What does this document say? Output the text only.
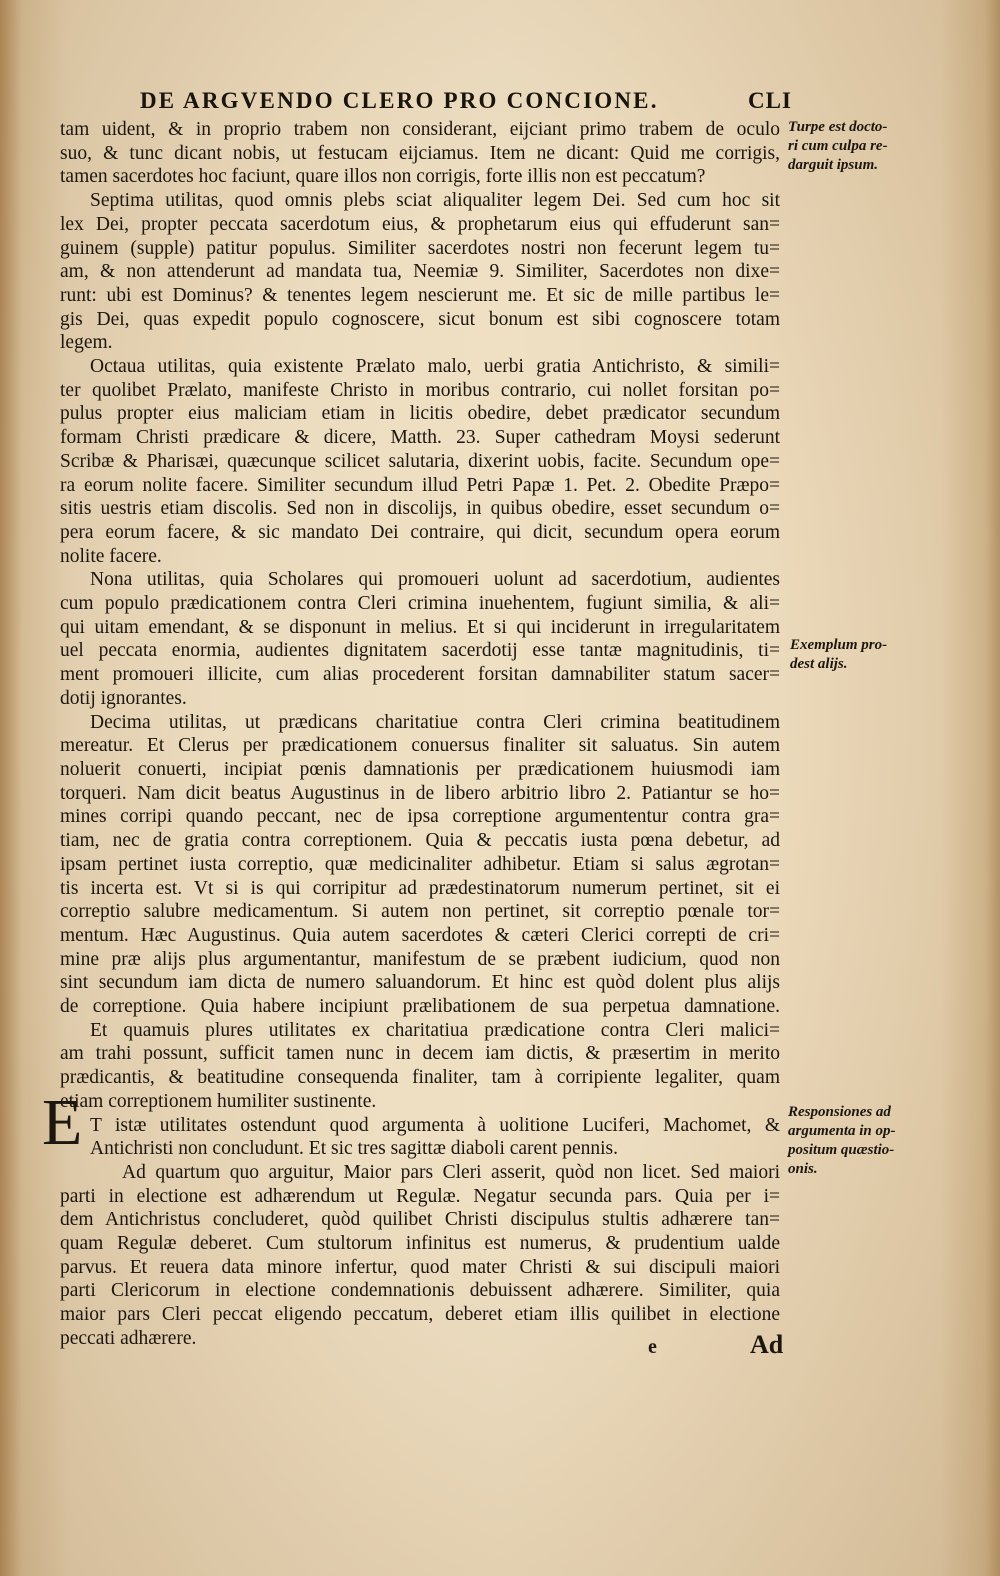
DE ARGVENDO CLERO PRO CONCIONE.	CLI
tam uident, & in proprio trabem non considerant, eijciant primo trabem de oculo
suo, & tunc dicant nobis, ut festucam eijciamus. Item ne dicant: Quid me corrigis,
tamen sacerdotes hoc faciunt, quare illos non corrigis, forte illis non est peccatum?
Septima utilitas, quod omnis plebs sciat aliqualiter legem Dei. Sed cum hoc sit
lex Dei, propter peccata sacerdotum eius, & prophetarum eius qui effuderunt san=
guinem (supple) patitur populus. Similiter sacerdotes nostri non fecerunt legem tu=
am, & non attenderunt ad mandata tua, Neemiæ 9. Similiter, Sacerdotes non dixe=
runt: ubi est Dominus? & tenentes legem nescierunt me. Et sic de mille partibus le=
gis Dei, quas expedit populo cognoscere, sicut bonum est sibi cognoscere totam
legem.
Octaua utilitas, quia existente Prælato malo, uerbi gratia Antichristo, & simili=
ter quolibet Prælato, manifeste Christo in moribus contrario, cui nollet forsitan po=
pulus propter eius maliciam etiam in licitis obedire, debet prædicator secundum
formam Christi prædicare & dicere, Matth. 23. Super cathedram Moysi sederunt
Scribæ & Pharisæi, quæcunque scilicet salutaria, dixerint uobis, facite. Secundum ope=
ra eorum nolite facere. Similiter secundum illud Petri Papæ 1. Pet. 2. Obedite Præpo=
sitis uestris etiam discolis. Sed non in discolijs, in quibus obedire, esset secundum o=
pera eorum facere, & sic mandato Dei contraire, qui dicit, secundum opera eorum
nolite facere.
Nona utilitas, quia Scholares qui promoueri uolunt ad sacerdotium, audientes
cum populo prædicationem contra Cleri crimina inuehentem, fugiunt similia, & ali=
qui uitam emendant, & se disponunt in melius. Et si qui inciderunt in irregularitatem
uel peccata enormia, audientes dignitatem sacerdotij esse tantæ magnitudinis, ti=
ment promoueri illicite, cum alias procederent forsitan damnabiliter statum sacer=
dotij ignorantes.
Decima utilitas, ut prædicans charitatiue contra Cleri crimina beatitudinem
mereatur. Et Clerus per prædicationem conuersus finaliter sit saluatus. Sin autem
noluerit conuerti, incipiat pœnis damnationis per prædicationem huiusmodi iam
torqueri. Nam dicit beatus Augustinus in de libero arbitrio libro 2. Patiantur se ho=
mines corripi quando peccant, nec de ipsa correptione argumententur contra gra=
tiam, nec de gratia contra correptionem. Quia & peccatis iusta pœna debetur, ad
ipsam pertinet iusta correptio, quæ medicinaliter adhibetur. Etiam si salus ægrotan=
tis incerta est. Vt si is qui corripitur ad prædestinatorum numerum pertinet, sit ei
correptio salubre medicamentum. Si autem non pertinet, sit correptio pœnale tor=
mentum. Hæc Augustinus. Quia autem sacerdotes & cæteri Clerici correpti de cri=
mine præ alijs plus argumentantur, manifestum de se præbent iudicium, quod non
sint secundum iam dicta de numero saluandorum. Et hinc est quòd dolent plus alijs
de correptione. Quia habere incipiunt prælibationem de sua perpetua damnatione.
Et quamuis plures utilitates ex charitatiua prædicatione contra Cleri malici=
am trahi possunt, sufficit tamen nunc in decem iam dictis, & præsertim in merito
prædicantis, & beatitudine consequenda finaliter, tam à corripiente legaliter, quam
etiam correptionem humiliter sustinente.
T istæ utilitates ostendunt quod argumenta à uolitione Luciferi, Machomet, &
Antichristi non concludunt. Et sic tres sagittæ diaboli carent pennis.
Ad quartum quo arguitur, Maior pars Cleri asserit, quòd non licet. Sed maiori
parti in electione est adhærendum ut Regulæ. Negatur secunda pars. Quia per i=
dem Antichristus concluderet, quòd quilibet Christi discipulus stultis adhærere tan=
quam Regulæ deberet. Cum stultorum infinitus est numerus, & prudentium ualde
parvus. Et reuera data minore infertur, quod mater Christi & sui discipuli maiori
parti Clericorum in electione condemnationis debuissent adhærere. Similiter, quia
maior pars Cleri peccat eligendo peccatum, deberet etiam illis quilibet in electione
peccati adhærere.
E
Turpe est docto-
ri cum culpa re-
darguit ipsum.
Exemplum pro-
dest alijs.
Responsiones ad
argumenta in op-
positum quæstio-
onis.
e	Ad
